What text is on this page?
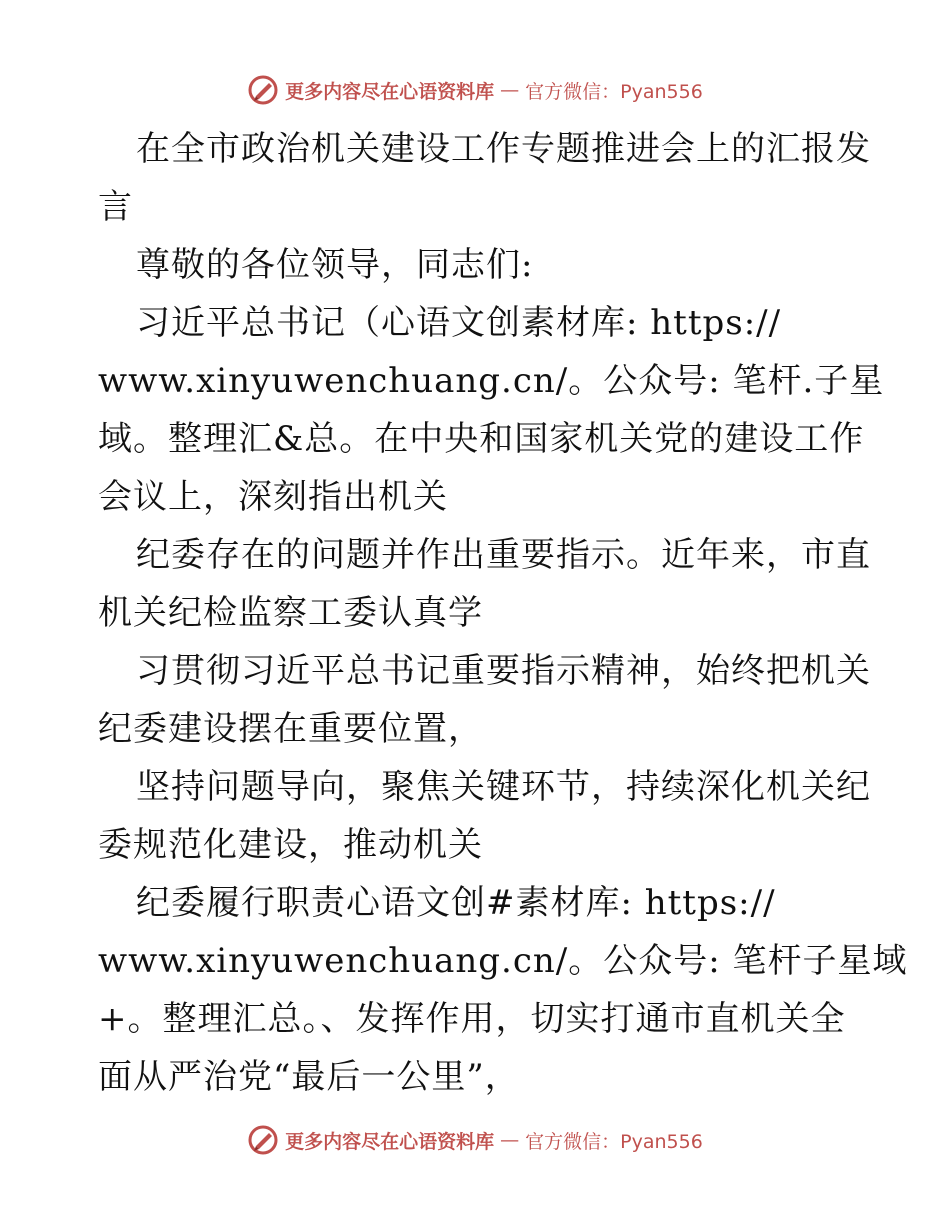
更多内容尽在心语资料库 — 官方微信：Pyan556
在全市政治机关建设工作专题推进会上的汇报发
言
尊敬的各位领导，同志们:
习近平总书记（心语文创素材库: https://
www.xinyuwenchuang.cn/。公众号: 笔杆.子星
域。整理汇&总。在中央和国家机关党的建设工作
会议上，深刻指出机关
纪委存在的问题并作出重要指示。近年来，市直
机关纪检监察工委认真学
习贯彻习近平总书记重要指示精神，始终把机关
纪委建设摆在重要位置，
坚持问题导向，聚焦关键环节，持续深化机关纪
委规范化建设，推动机关
纪委履行职责心语文创#素材库: https://
www.xinyuwenchuang.cn/。公众号: 笔杆子星域
+。整理汇总。、发挥作用，切实打通市直机关全
面从严治党“最后一公里”，
更多内容尽在心语资料库 — 官方微信：Pyan556
